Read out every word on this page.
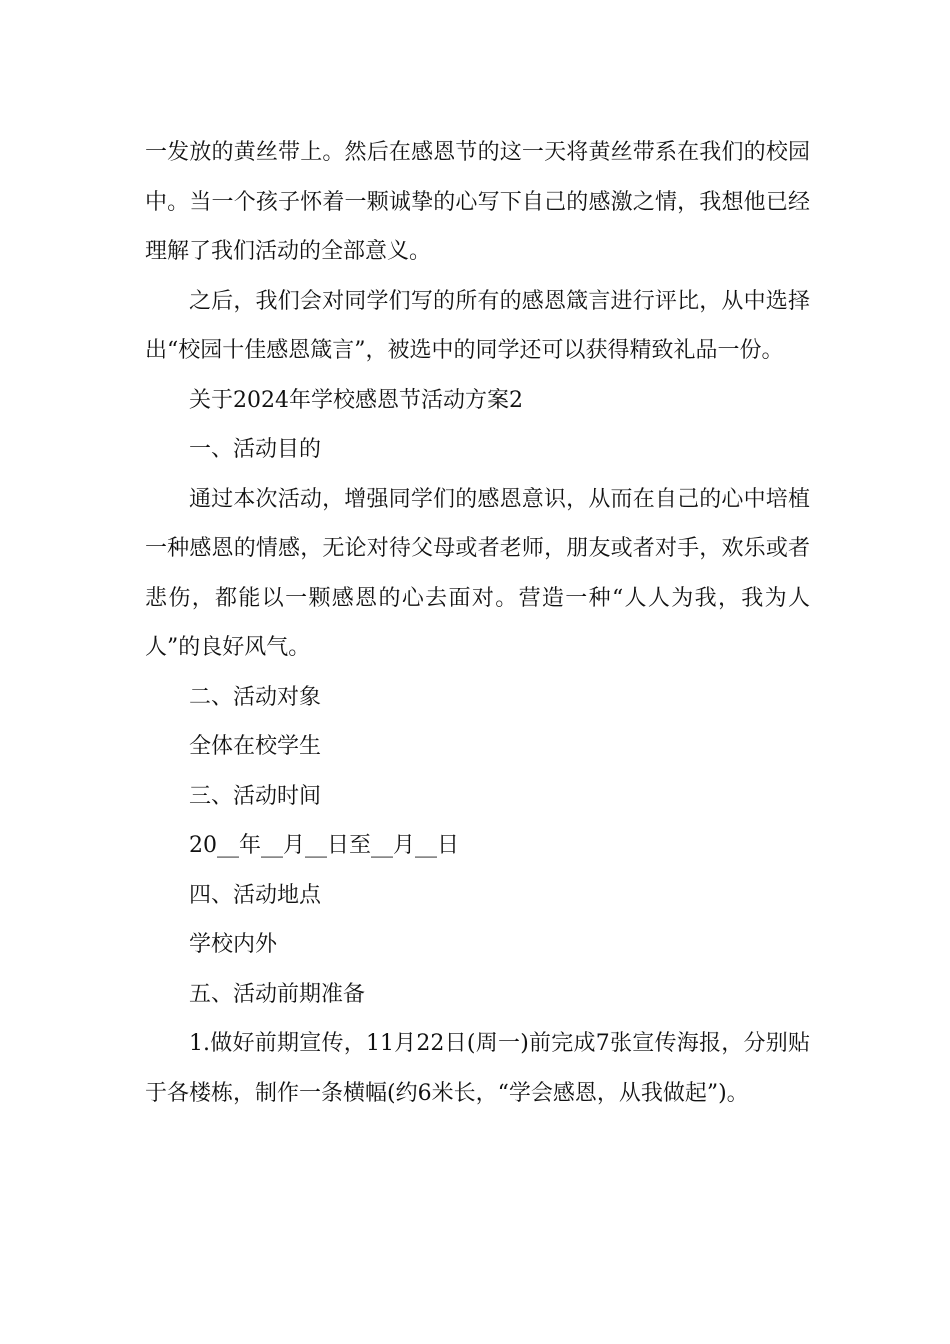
一发放的黄丝带上。然后在感恩节的这一天将黄丝带系在我们的校园中。当一个孩子怀着一颗诚挚的心写下自己的感激之情，我想他已经理解了我们活动的全部意义。

之后，我们会对同学们写的所有的感恩箴言进行评比，从中选择出“校园十佳感恩箴言”，被选中的同学还可以获得精致礼品一份。

关于2024年学校感恩节活动方案2

一、活动目的

通过本次活动，增强同学们的感恩意识，从而在自己的心中培植一种感恩的情感，无论对待父母或者老师，朋友或者对手，欢乐或者悲伤，都能以一颗感恩的心去面对。营造一种“人人为我，我为人人”的良好风气。

二、活动对象

全体在校学生

三、活动时间

20__年__月__日至__月__日

四、活动地点

学校内外

五、活动前期准备

1.做好前期宣传，11月22日(周一)前完成7张宣传海报，分别贴于各楼栋，制作一条横幅(约6米长，“学会感恩，从我做起”)。
